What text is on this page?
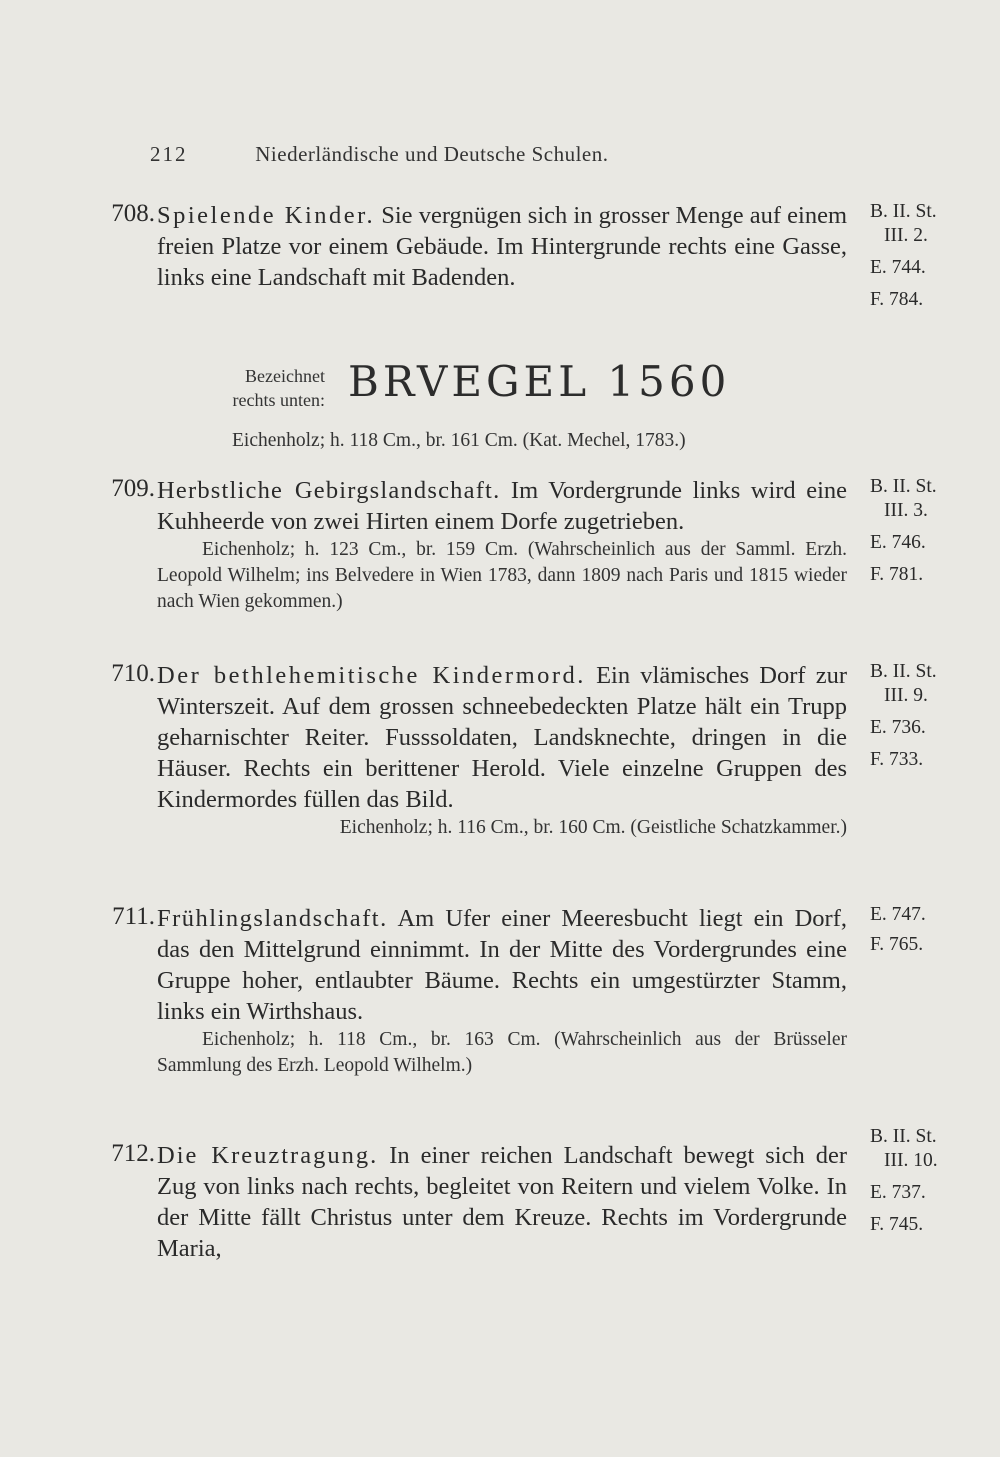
212	Niederländische und Deutsche Schulen.
708. Spielende Kinder. Sie vergnügen sich in grosser Menge auf einem freien Platze vor einem Gebäude. Im Hintergrunde rechts eine Gasse, links eine Landschaft mit Badenden.
B. II. St.
III. 2.
E. 744.
F. 784.
Bezeichnet rechts unten: BRVEGEL 1560
Eichenholz; h. 118 Cm., br. 161 Cm. (Kat. Mechel, 1783.)
709. Herbstliche Gebirgslandschaft. Im Vordergrunde links wird eine Kuhheerde von zwei Hirten einem Dorfe zugetrieben.
Eichenholz; h. 123 Cm., br. 159 Cm. (Wahrscheinlich aus der Samml. Erzh. Leopold Wilhelm; ins Belvedere in Wien 1783, dann 1809 nach Paris und 1815 wieder nach Wien gekommen.)
B. II. St.
III. 3.
E. 746.
F. 781.
710. Der bethlehemitische Kindermord. Ein vlämisches Dorf zur Winterszeit. Auf dem grossen schneebedeckten Platze hält ein Trupp geharnischter Reiter. Fusssoldaten, Landsknechte, dringen in die Häuser. Rechts ein berittener Herold. Viele einzelne Gruppen des Kindermordes füllen das Bild.
Eichenholz; h. 116 Cm., br. 160 Cm. (Geistliche Schatzkammer.)
B. II. St.
III. 9.
E. 736.
F. 733.
711. Frühlingslandschaft. Am Ufer einer Meeresbucht liegt ein Dorf, das den Mittelgrund einnimmt. In der Mitte des Vordergrundes eine Gruppe hoher, entlaubter Bäume. Rechts ein umgestürzter Stamm, links ein Wirthshaus.
Eichenholz; h. 118 Cm., br. 163 Cm. (Wahrscheinlich aus der Brüsseler Sammlung des Erzh. Leopold Wilhelm.)
E. 747.
F. 765.
712. Die Kreuztragung. In einer reichen Landschaft bewegt sich der Zug von links nach rechts, begleitet von Reitern und vielem Volke. In der Mitte fällt Christus unter dem Kreuze. Rechts im Vordergrunde Maria,
B. II. St.
III. 10.
E. 737.
F. 745.
